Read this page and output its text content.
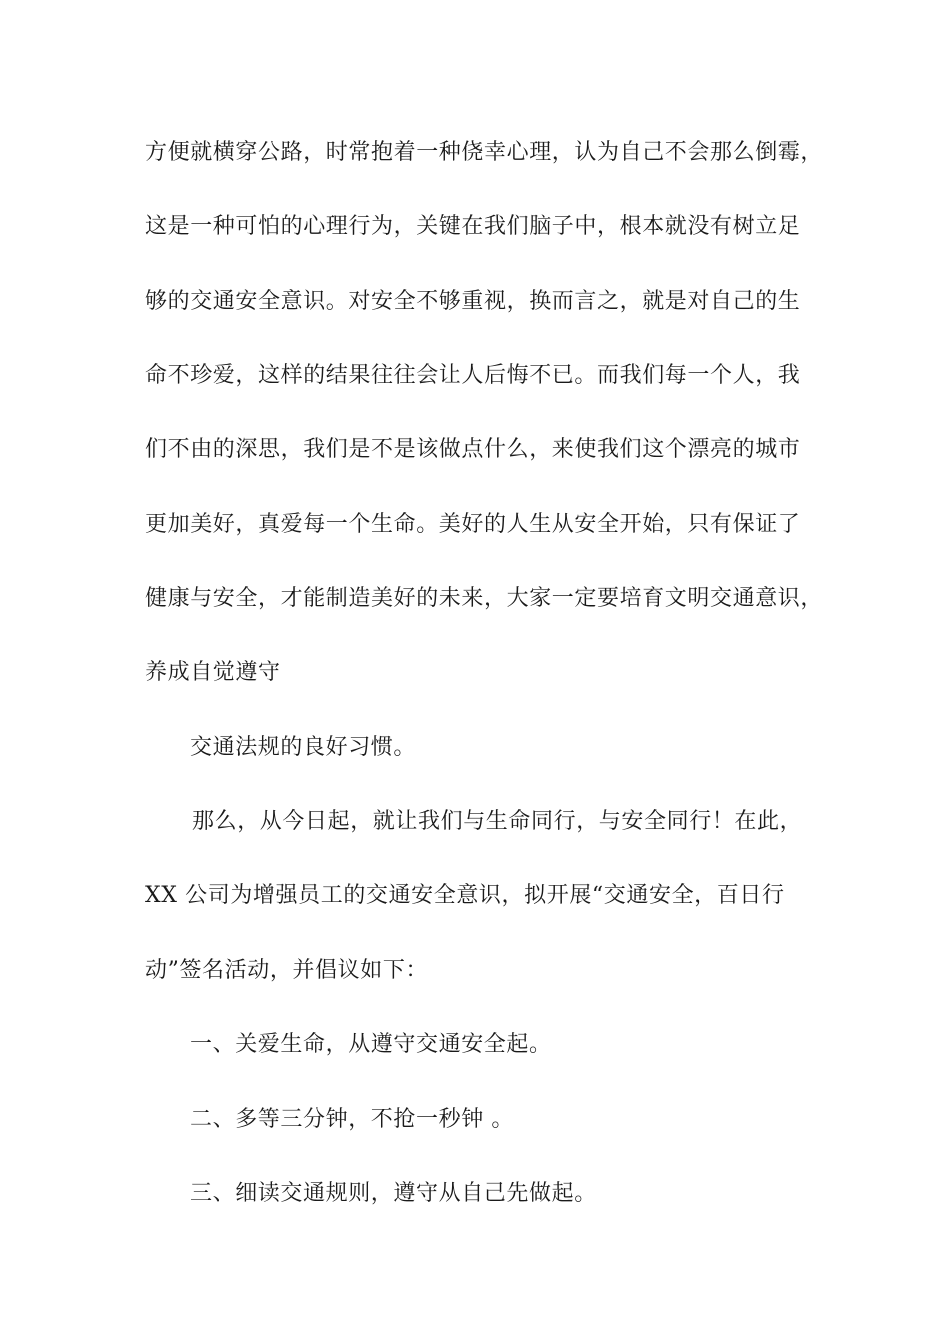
方便就横穿公路，时常抱着一种侥幸心理，认为自己不会那么倒霉，
这是一种可怕的心理行为，关键在我们脑子中，根本就没有树立足
够的交通安全意识。对安全不够重视，换而言之，就是对自己的生
命不珍爱，这样的结果往往会让人后悔不已。而我们每一个人，我
们不由的深思，我们是不是该做点什么，来使我们这个漂亮的城市
更加美好，真爱每一个生命。美好的人生从安全开始，只有保证了
健康与安全，才能制造美好的未来，大家一定要培育文明交通意识，
养成自觉遵守
交通法规的良好习惯。
那么，从今日起，就让我们与生命同行，与安全同行！在此，
XX 公司为增强员工的交通安全意识，拟开展“交通安全，百日行
动”签名活动，并倡议如下：
一、关爱生命，从遵守交通安全起。
二、多等三分钟，不抢一秒钟 。
三、细读交通规则，遵守从自己先做起。
